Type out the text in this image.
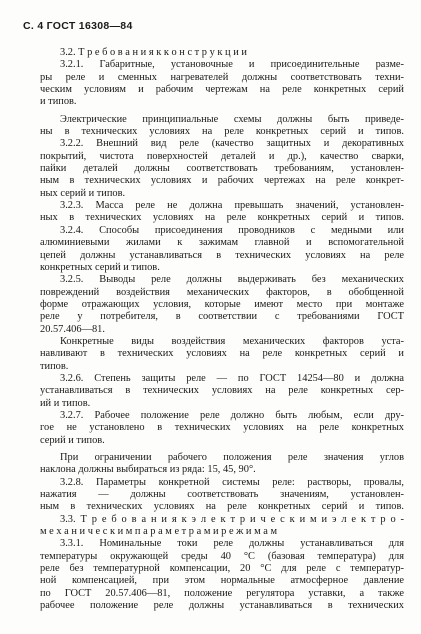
С. 4 ГОСТ 16308—84
3.2. Т р е б о в а н и я к к о н с т р у к ц и и
3.2.1. Габаритные, установочные и присоединительные разме-
ры реле и сменных нагревателей должны соответствовать техни-
ческим условиям и рабочим чертежам на реле конкретных серий
и типов.
Электрические принципиальные схемы должны быть приведе-
ны в технических условиях на реле конкретных серий и типов.
3.2.2. Внешний вид реле (качество защитных и декоративных
покрытий, чистота поверхностей деталей и др.), качество сварки,
пайки деталей должны соответствовать требованиям, установлен-
ным в технических условиях и рабочих чертежах на реле конкрет-
ных серий и типов.
3.2.3. Масса реле не должна превышать значений, установлен-
ных в технических условиях на реле конкретных серий и типов.
3.2.4. Способы присоединения проводников с медными или
алюминиевыми жилами к зажимам главной и вспомогательной
цепей должны устанавливаться в технических условиях на реле
конкретных серий и типов.
3.2.5. Выводы реле должны выдерживать без механических
повреждений воздействия механических факторов, в обобщенной
форме отражающих условия, которые имеют место при монтаже
реле у потребителя, в соответствии с требованиями ГОСТ
20.57.406—81.
Конкретные виды воздействия механических факторов уста-
навливают в технических условиях на реле конкретных серий и
типов.
3.2.6. Степень защиты реле — по ГОСТ 14254—80 и должна
устанавливаться в технических условиях на реле конкретных сер-
ий и типов.
3.2.7. Рабочее положение реле должно быть любым, если дру-
гое не установлено в технических условиях на реле конкретных
серий и типов.
При ограничении рабочего положения реле значения углов
наклона должны выбираться из ряда: 15, 45, 90°.
3.2.8. Параметры конкретной системы реле: растворы, провалы,
нажатия — должны соответствовать значениям, установлен-
ным в технических условиях на реле конкретных серий и типов.
3.3. Т р е б о в а н и я к э л е к т р и ч е с к и м и э л е к т р о -
м е х а н и ч е с к и м п а р а м е т р а м и р е ж и м а м
3.3.1. Номинальные токи реле должны устанавливаться для
температуры окружающей среды 40 °С (базовая температура) для
реле без температурной компенсации, 20 °С для реле с температур-
ной компенсацией, при этом нормальные атмосферное давление
по ГОСТ 20.57.406—81, положение регулятора уставки, а также
рабочее положение реле должны устанавливаться в технических
